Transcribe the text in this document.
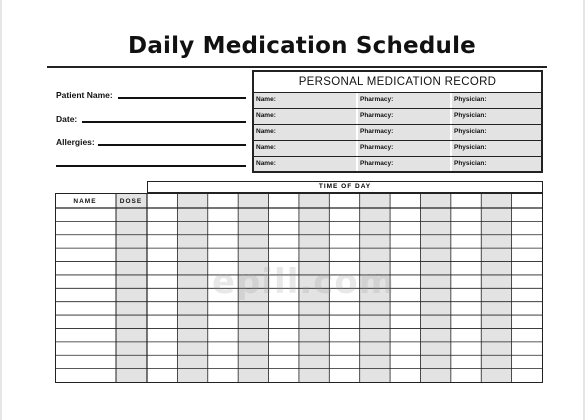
Daily Medication Schedule
Patient Name:
Date:
Allergies:
PERSONAL MEDICATION RECORD
Name:	Pharmacy:	Physician:
Name:	Pharmacy:	Physician:
Name:	Pharmacy:	Physician:
Name:	Pharmacy:	Physician:
Name:	Pharmacy:	Physician:
TIME OF DAY
NAME	DOSE
epill.com
